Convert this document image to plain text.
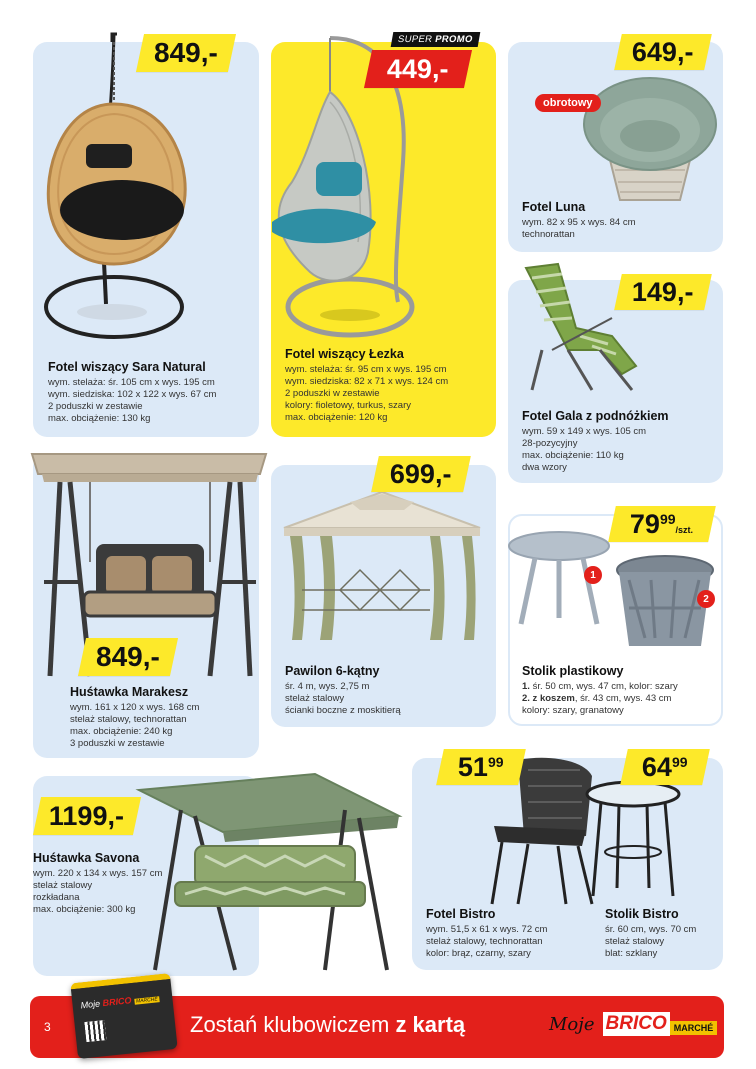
849,-
Fotel wiszący Sara Natural
wym. stelaża: śr. 105 cm x wys. 195 cm
wym. siedziska: 102 x 122 x wys. 67 cm
2 poduszki w zestawie
max. obciążenie: 130 kg
449,-
SUPER PROMO
Fotel wiszący Łezka
wym. stelaża: śr. 95 cm x wys. 195 cm
wym. siedziska: 82 x 71 x wys. 124 cm
2 poduszki w zestawie
kolory: fioletowy, turkus, szary
max. obciążenie: 120 kg
649,-
obrotowy
Fotel Luna
wym. 82 x 95 x wys. 84 cm
technorattan
149,-
Fotel Gala z podnóżkiem
wym. 59 x 149 x wys. 105 cm
28-pozycyjny
max. obciążenie: 110 kg
dwa wzory
849,-
Huśtawka Marakesz
wym. 161 x 120 x wys. 168 cm
stelaż stalowy, technorattan
max. obciążenie: 240 kg
3 poduszki w zestawie
699,-
Pawilon 6-kątny
śr. 4 m, wys. 2,75 m
stelaż stalowy
ścianki boczne z moskitierą
$79^{99}$/szt.
1
2
Stolik plastikowy
1. śr. 50 cm, wys. 47 cm, kolor: szary
2. z koszem, śr. 43 cm, wys. 43 cm
kolory: szary, granatowy
1199,-
Huśtawka Savona
wym. 220 x 134 x wys. 157 cm
stelaż stalowy
rozkładana
max. obciążenie: 300 kg
$51^{99}$	$64^{99}$
Fotel Bistro
wym. 51,5 x 61 x wys. 72 cm
stelaż stalowy, technorattan
kolor: brąz, czarny, szary
Stolik Bistro
śr. 60 cm, wys. 70 cm
stelaż stalowy
blat: szklany
3
Moje BRICO MARCHÉ
Zostań klubowiczem z kartą	Moje BRICO MARCHÉ
